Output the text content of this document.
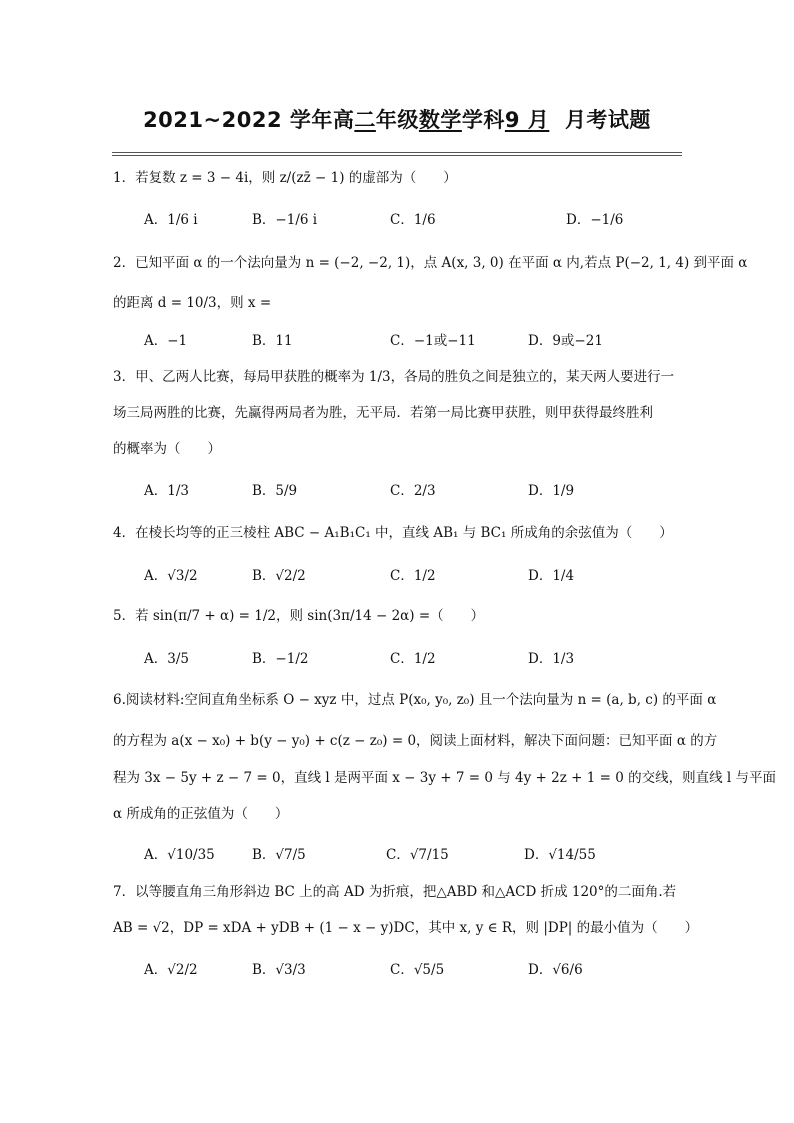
2021~2022 学年高二年级数学学科9 月 月考试题
1．若复数 z = 3 − 4i，则 z/(zz̄ − 1) 的虚部为（　　）
A．1/6 i	B．−1/6 i	C．1/6	D．−1/6
2．已知平面 α 的一个法向量为 n = (−2, −2, 1)，点 A(x, 3, 0) 在平面 α 内,若点 P(−2, 1, 4) 到平面 α
的距离 d = 10/3，则 x =
A．−1	B．11	C．−1或−11	D．9或−21
3．甲、乙两人比赛，每局甲获胜的概率为 1/3，各局的胜负之间是独立的，某天两人要进行一
场三局两胜的比赛，先赢得两局者为胜，无平局．若第一局比赛甲获胜，则甲获得最终胜利
的概率为（　　）
A．1/3	B．5/9	C．2/3	D．1/9
4．在棱长均等的正三棱柱 ABC − A₁B₁C₁ 中，直线 AB₁ 与 BC₁ 所成角的余弦值为（　　）
A．√3/2	B．√2/2	C．1/2	D．1/4
5．若 sin(π/7 + α) = 1/2，则 sin(3π/14 − 2α) =（　　）
A．3/5	B．−1/2	C．1/2	D．1/3
6.阅读材料:空间直角坐标系 O − xyz 中，过点 P(x₀, y₀, z₀) 且一个法向量为 n = (a, b, c) 的平面 α
的方程为 a(x − x₀) + b(y − y₀) + c(z − z₀) = 0，阅读上面材料，解决下面问题：已知平面 α 的方
程为 3x − 5y + z − 7 = 0，直线 l 是两平面 x − 3y + 7 = 0 与 4y + 2z + 1 = 0 的交线，则直线 l 与平面
α 所成角的正弦值为（　　）
A．√10/35	B．√7/5	C．√7/15	D．√14/55
7．以等腰直角三角形斜边 BC 上的高 AD 为折痕，把△ABD 和△ACD 折成 120°的二面角.若
AB = √2，DP = xDA + yDB + (1 − x − y)DC，其中 x, y ∈ R，则 |DP| 的最小值为（　　）
A．√2/2	B．√3/3	C．√5/5	D．√6/6
